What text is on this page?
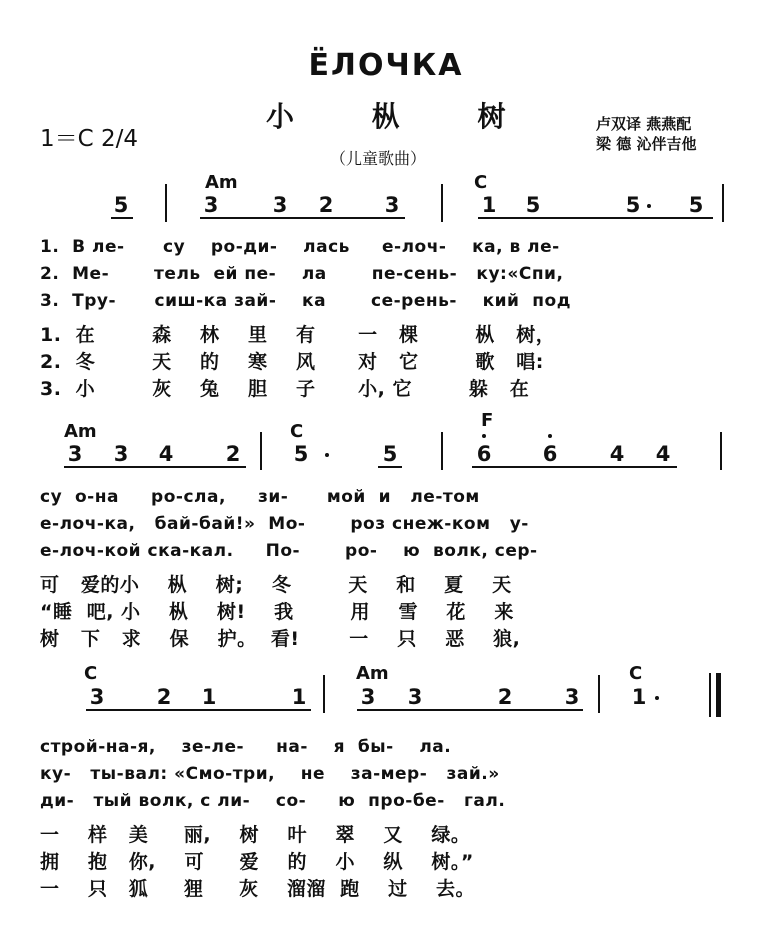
ЁЛОЧКА
小 枞 树
（儿童歌曲）
1＝C 2/4
卢双译 燕燕配
梁 德 沁伴吉他
Am	C
5	3	3 2 3	1 5	5 5
1.  В ле-      су    ро-ди-    лась     е-лоч-    ка, в ле-
2.  Ме-       тель  ей пе-    ла       пе-сень-   ку:«Спи,
3.  Тру-      сиш-ка зай-    ка       се-рень-    кий  под
1.  在        森    林    里    有      一   棵        枞   树，
2.  冬        天    的    寒    风      对   它        歌   唱:
3.  小        灰    兔    胆    子      小, 它        躲   在
Am	C
F
3 3 4 2	5	5	6 6 4 4
су  о-на     ро-сла,     зи-      мой  и   ле-том
е-лоч-ка,   бай-бай!»  Мо-       роз снеж-ком   у-
е-лоч-кой ска-кал.     По-       ро-    ю  волк, сер-
可   爱的小    枞    树;    冬        天    和    夏    天
“睡  吧, 小    枞    树!    我        用    雪    花    来
树   下   求    保    护。  看!       一    只    恶    狼,
C	Am	C
3 2 1	1	3 3	2 3 1
строй-на-я,    зе-ле-     на-    я  бы-    ла.
ку-   ты-вал: «Смо-три,    не    за-мер-   зай.»
ди-   тый волк, с ли-    со-     ю  про-бе-   гал.
一    样   美     丽,    树    叶    翠    又    绿。
拥    抱   你,    可     爱    的    小    纵    树。”
一    只   狐     狸     灰    溜溜  跑    过    去。
